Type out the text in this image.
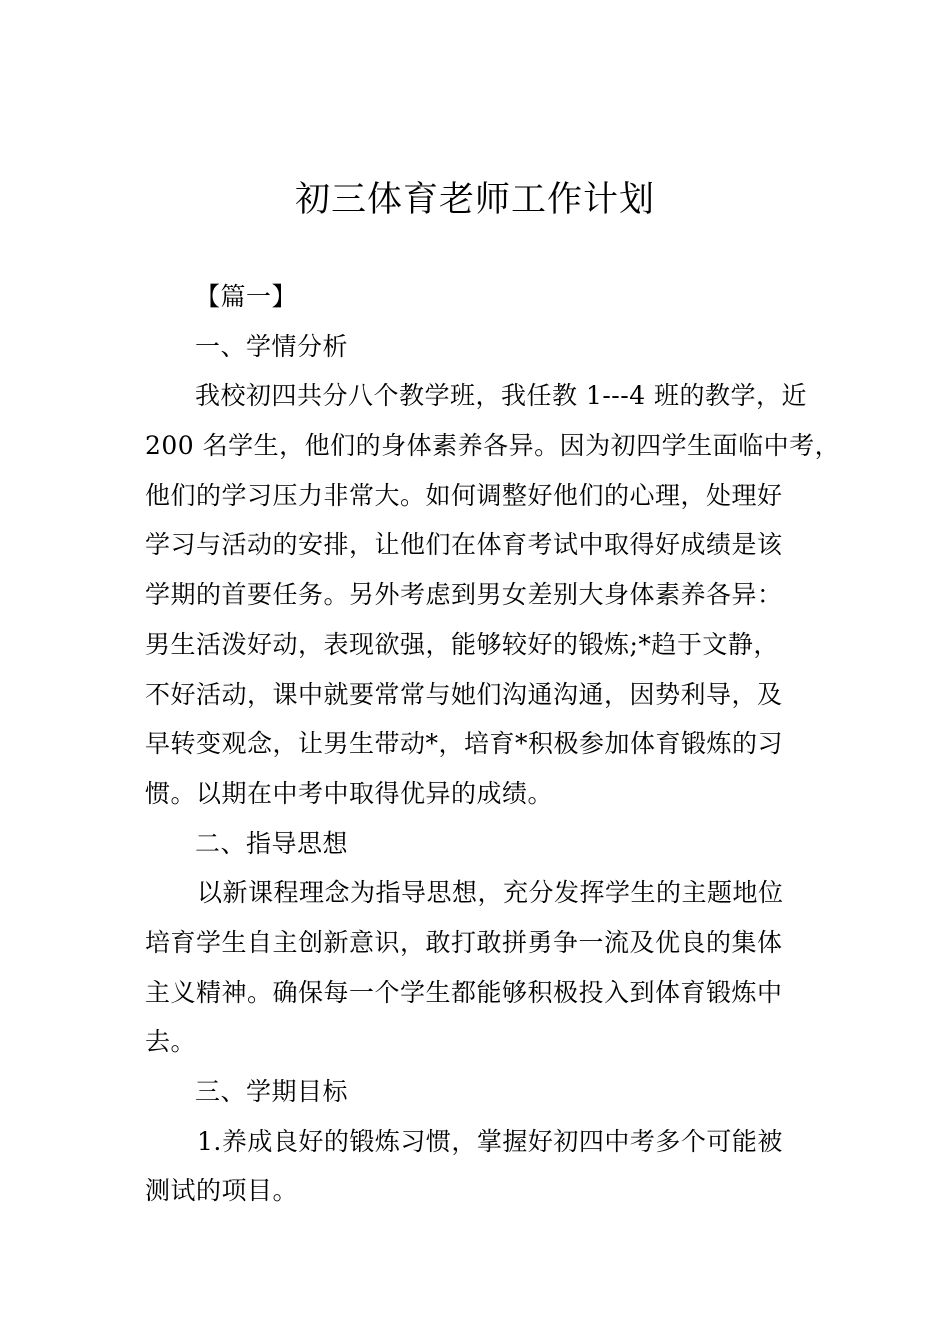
初三体育老师工作计划
【篇一】
一、学情分析
我校初四共分八个教学班，我任教 1---4 班的教学，近
200 名学生，他们的身体素养各异。因为初四学生面临中考，
他们的学习压力非常大。如何调整好他们的心理，处理好
学习与活动的安排，让他们在体育考试中取得好成绩是该
学期的首要任务。另外考虑到男女差别大身体素养各异：
男生活泼好动，表现欲强，能够较好的锻炼;*趋于文静，
不好活动，课中就要常常与她们沟通沟通，因势利导，及
早转变观念，让男生带动*，培育*积极参加体育锻炼的习
惯。以期在中考中取得优异的成绩。
二、指导思想
以新课程理念为指导思想，充分发挥学生的主题地位
培育学生自主创新意识，敢打敢拼勇争一流及优良的集体
主义精神。确保每一个学生都能够积极投入到体育锻炼中
去。
三、学期目标
1.养成良好的锻炼习惯，掌握好初四中考多个可能被
测试的项目。
